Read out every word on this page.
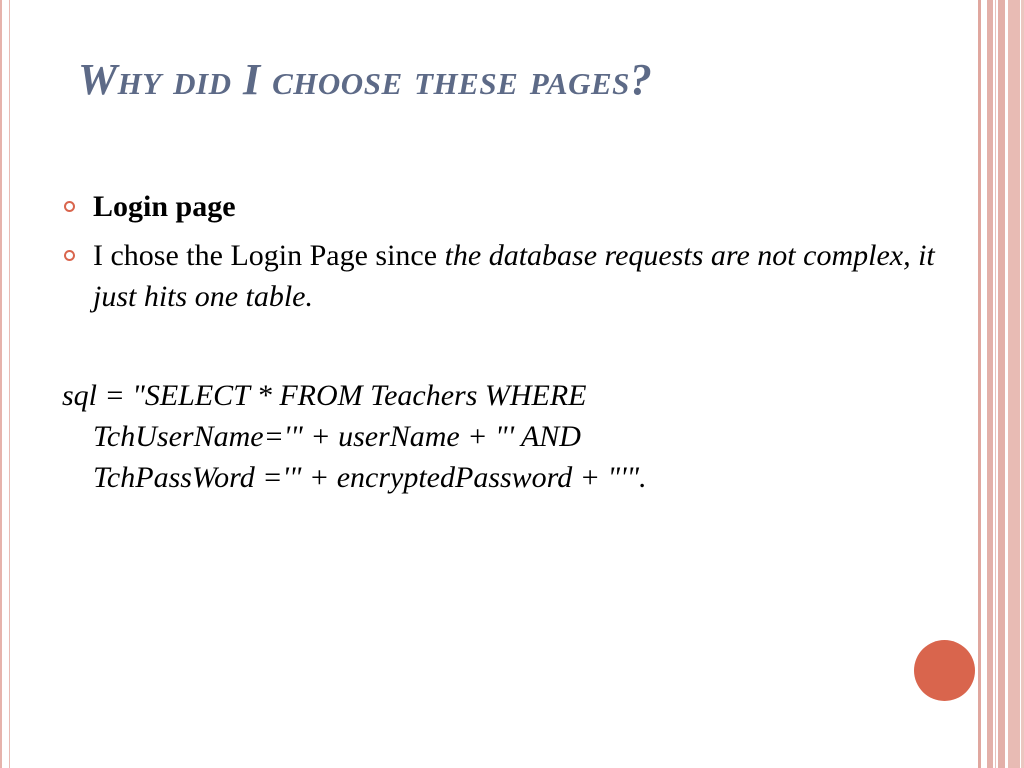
Why did I choose these pages?
Login page
I chose the Login Page since the database requests are not complex, it just hits one table.
sql = "SELECT * FROM Teachers WHERE
TchUserName='" + userName + "' AND
TchPassWord ='" + encryptedPassword + "'".
